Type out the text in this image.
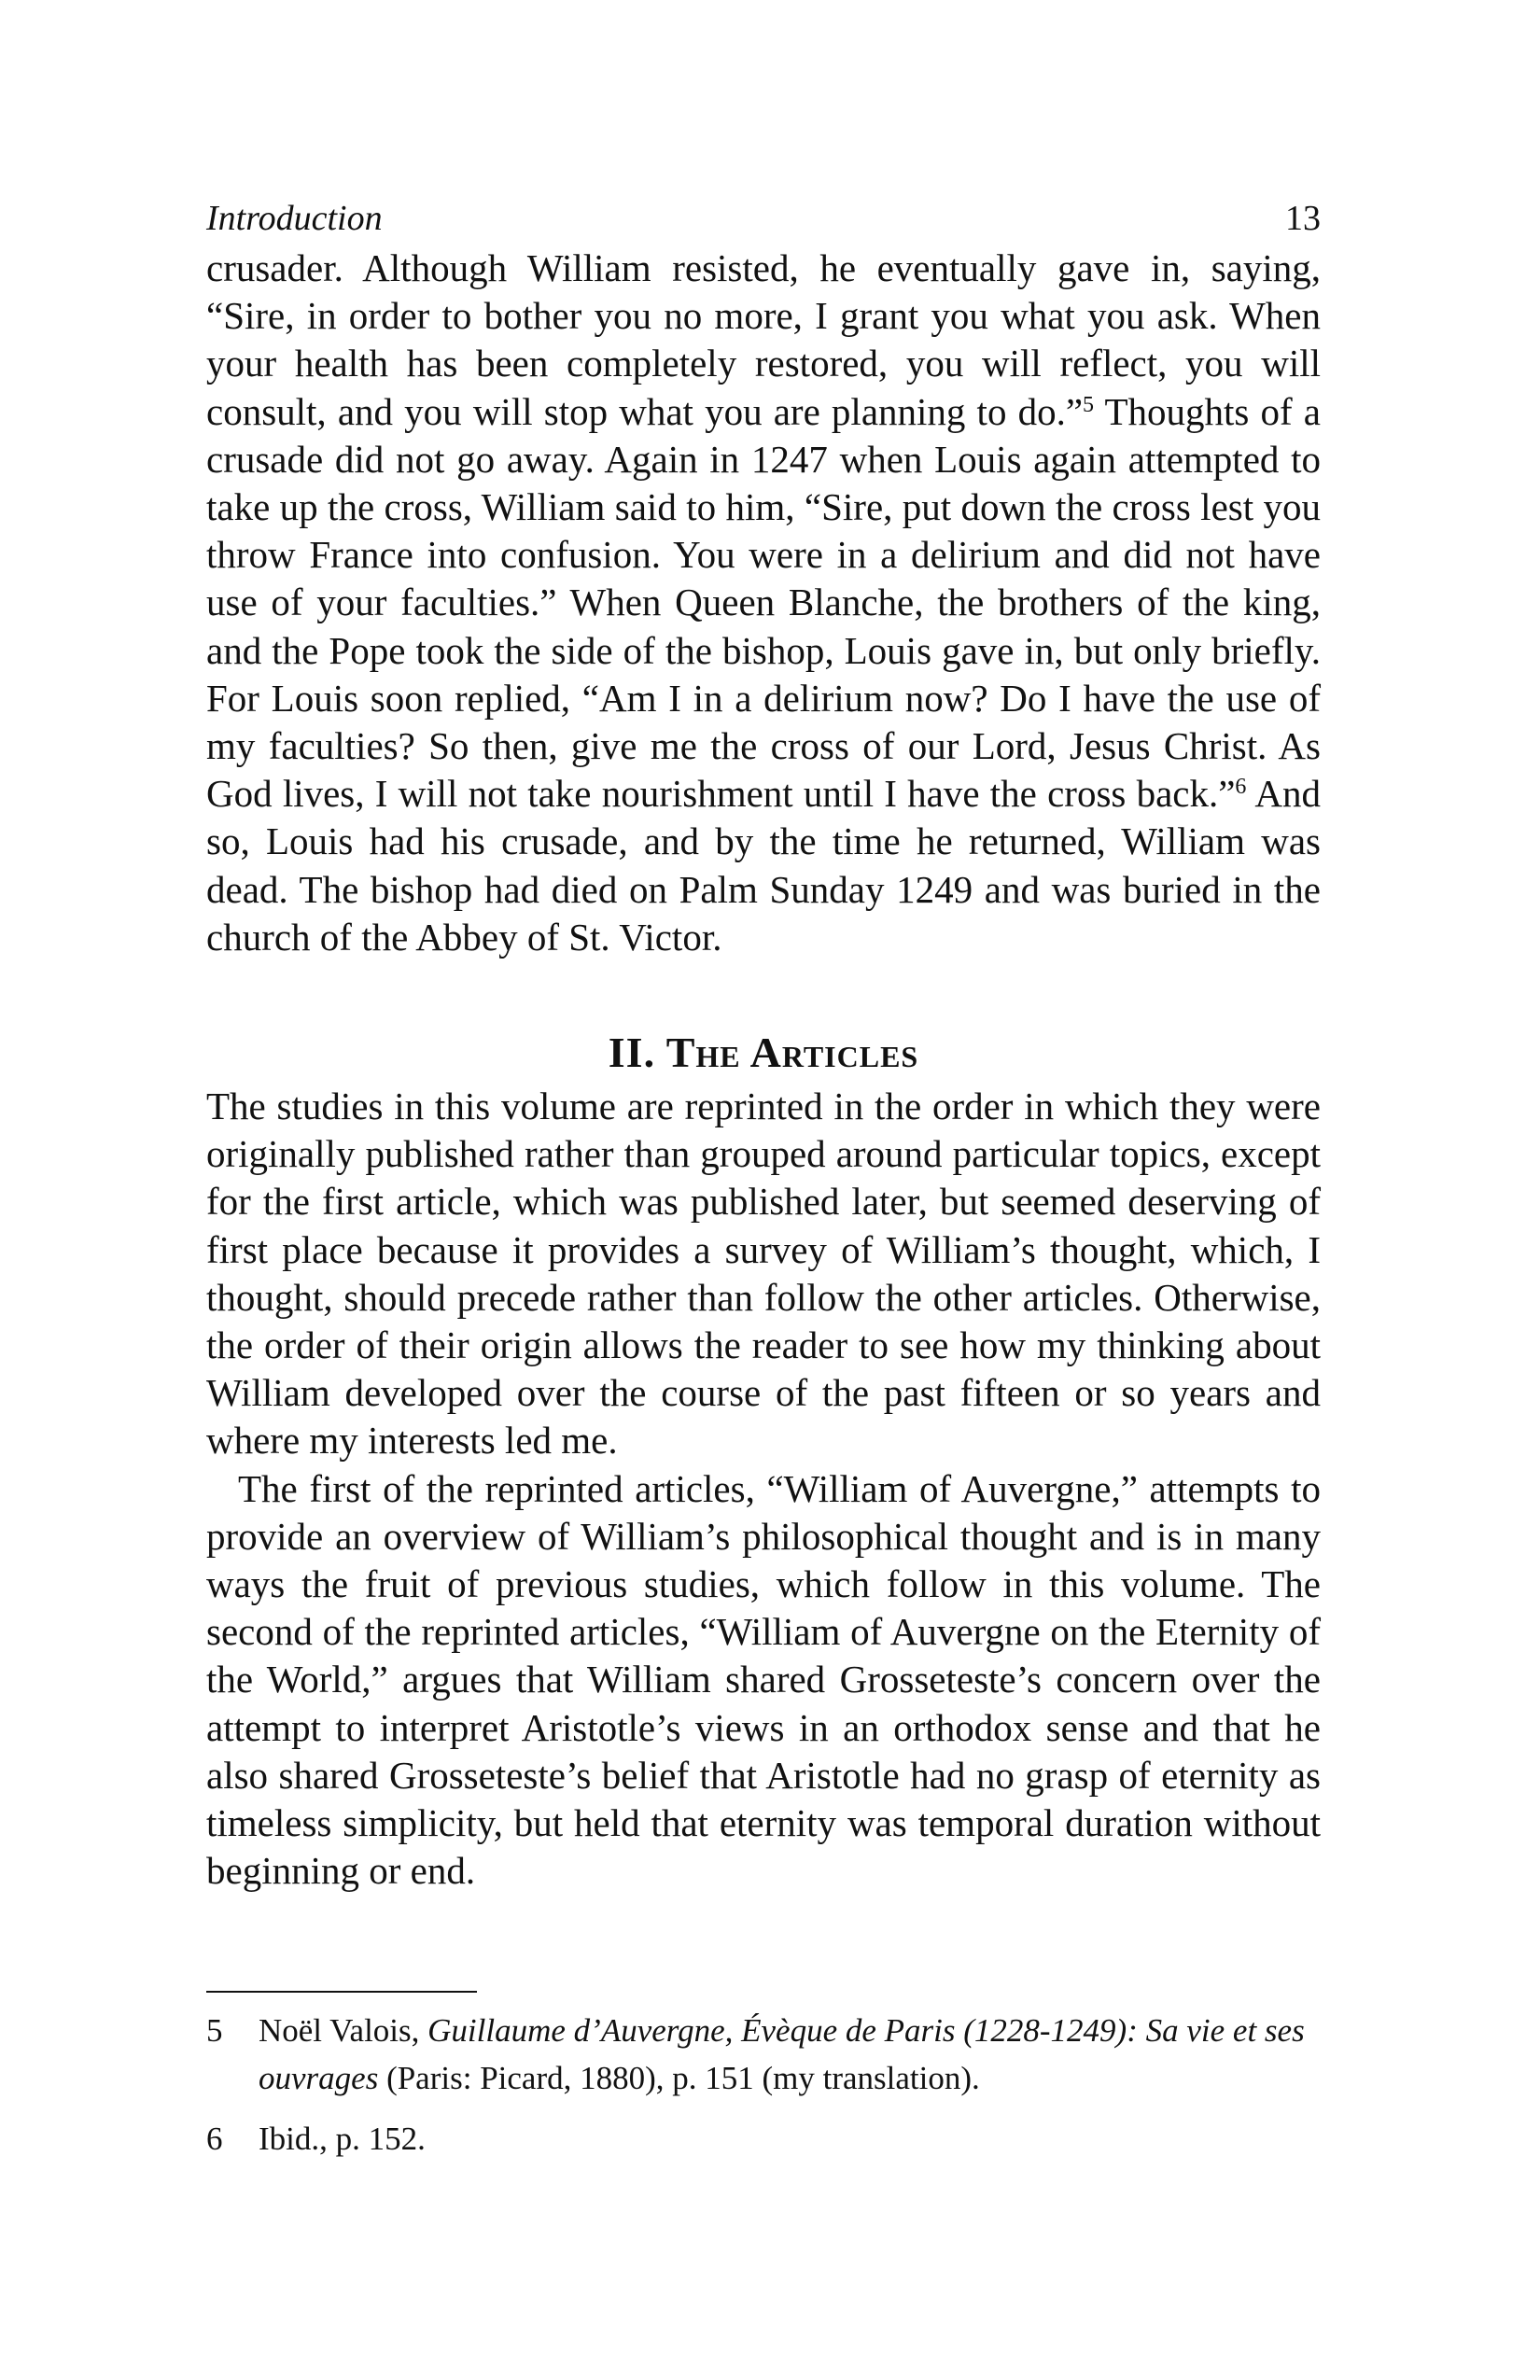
Introduction	13

crusader. Although William resisted, he eventually gave in, saying, “Sire, in order to bother you no more, I grant you what you ask. When your health has been completely restored, you will reflect, you will consult, and you will stop what you are planning to do.”$^5$ Thoughts of a crusade did not go away. Again in 1247 when Louis again attempted to take up the cross, William said to him, “Sire, put down the cross lest you throw France into confusion. You were in a delirium and did not have use of your faculties.” When Queen Blanche, the brothers of the king, and the Pope took the side of the bishop, Louis gave in, but only briefly. For Louis soon replied, “Am I in a delirium now? Do I have the use of my faculties? So then, give me the cross of our Lord, Jesus Christ. As God lives, I will not take nourishment until I have the cross back.”$^6$ And so, Louis had his crusade, and by the time he returned, William was dead. The bishop had died on Palm Sunday 1249 and was buried in the church of the Abbey of St. Victor.

II. The Articles

The studies in this volume are reprinted in the order in which they were originally published rather than grouped around particular topics, except for the first article, which was published later, but seemed deserving of first place because it provides a survey of William’s thought, which, I thought, should precede rather than follow the other articles. Otherwise, the order of their origin allows the reader to see how my thinking about William developed over the course of the past fifteen or so years and where my interests led me.

The first of the reprinted articles, “William of Auvergne,” attempts to provide an overview of William’s philosophical thought and is in many ways the fruit of previous studies, which follow in this volume. The second of the reprinted articles, “William of Auvergne on the Eternity of the World,” argues that William shared Grosseteste’s concern over the attempt to interpret Aristotle’s views in an orthodox sense and that he also shared Grosseteste’s belief that Aristotle had no grasp of eternity as timeless simplicity, but held that eternity was temporal duration without beginning or end.

5	Noël Valois, Guillaume d’Auvergne, Évèque de Paris (1228-1249): Sa vie et ses ouvrages (Paris: Picard, 1880), p. 151 (my translation).
6	Ibid., p. 152.
